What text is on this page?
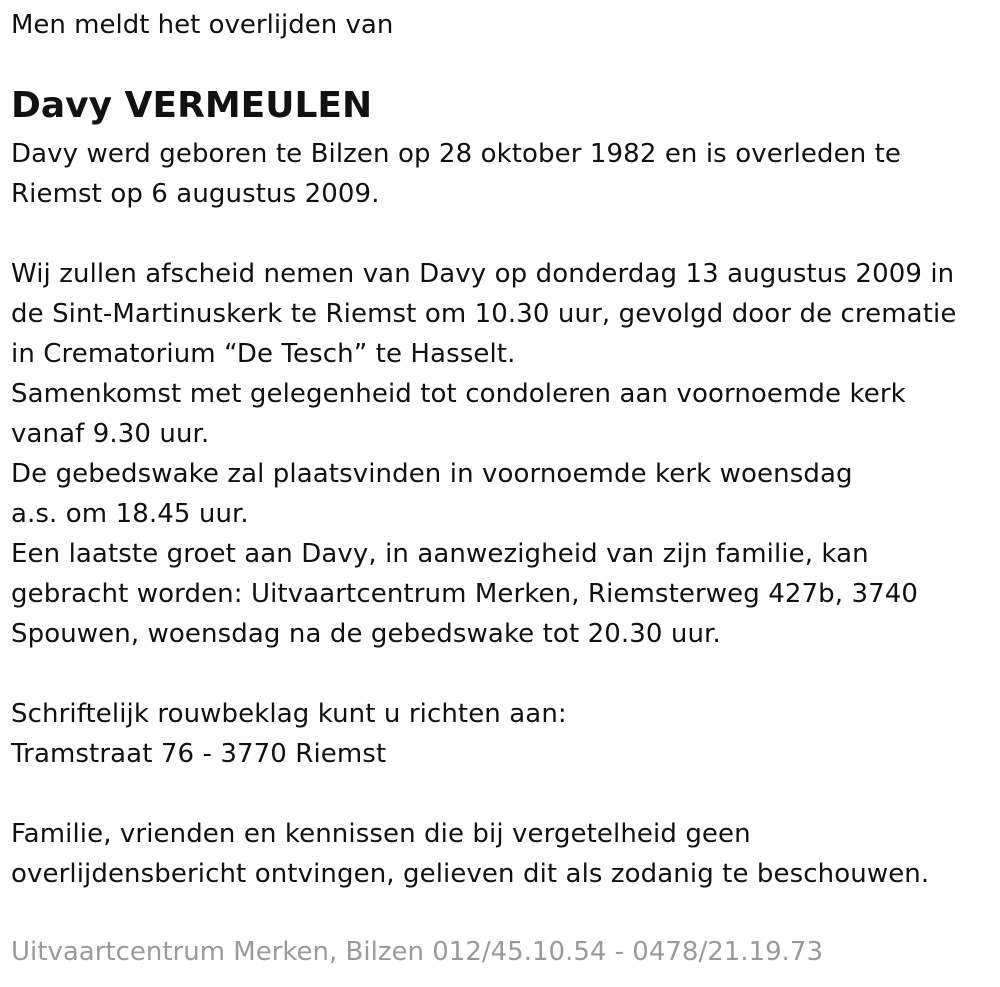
Men meldt het overlijden van
Davy VERMEULEN
Davy werd geboren te Bilzen op 28 oktober 1982 en is overleden te
Riemst op 6 augustus 2009.
Wij zullen afscheid nemen van Davy op donderdag 13 augustus 2009 in
de Sint-Martinuskerk te Riemst om 10.30 uur, gevolgd door de crematie
in Crematorium “De Tesch” te Hasselt.
Samenkomst met gelegenheid tot condoleren aan voornoemde kerk
vanaf 9.30 uur.
De gebedswake zal plaatsvinden in voornoemde kerk woensdag
a.s. om 18.45 uur.
Een laatste groet aan Davy, in aanwezigheid van zijn familie, kan
gebracht worden: Uitvaartcentrum Merken, Riemsterweg 427b, 3740
Spouwen, woensdag na de gebedswake tot 20.30 uur.
Schriftelijk rouwbeklag kunt u richten aan:
Tramstraat 76 - 3770 Riemst
Familie, vrienden en kennissen die bij vergetelheid geen
overlijdensbericht ontvingen, gelieven dit als zodanig te beschouwen.
Uitvaartcentrum Merken, Bilzen 012/45.10.54 - 0478/21.19.73
